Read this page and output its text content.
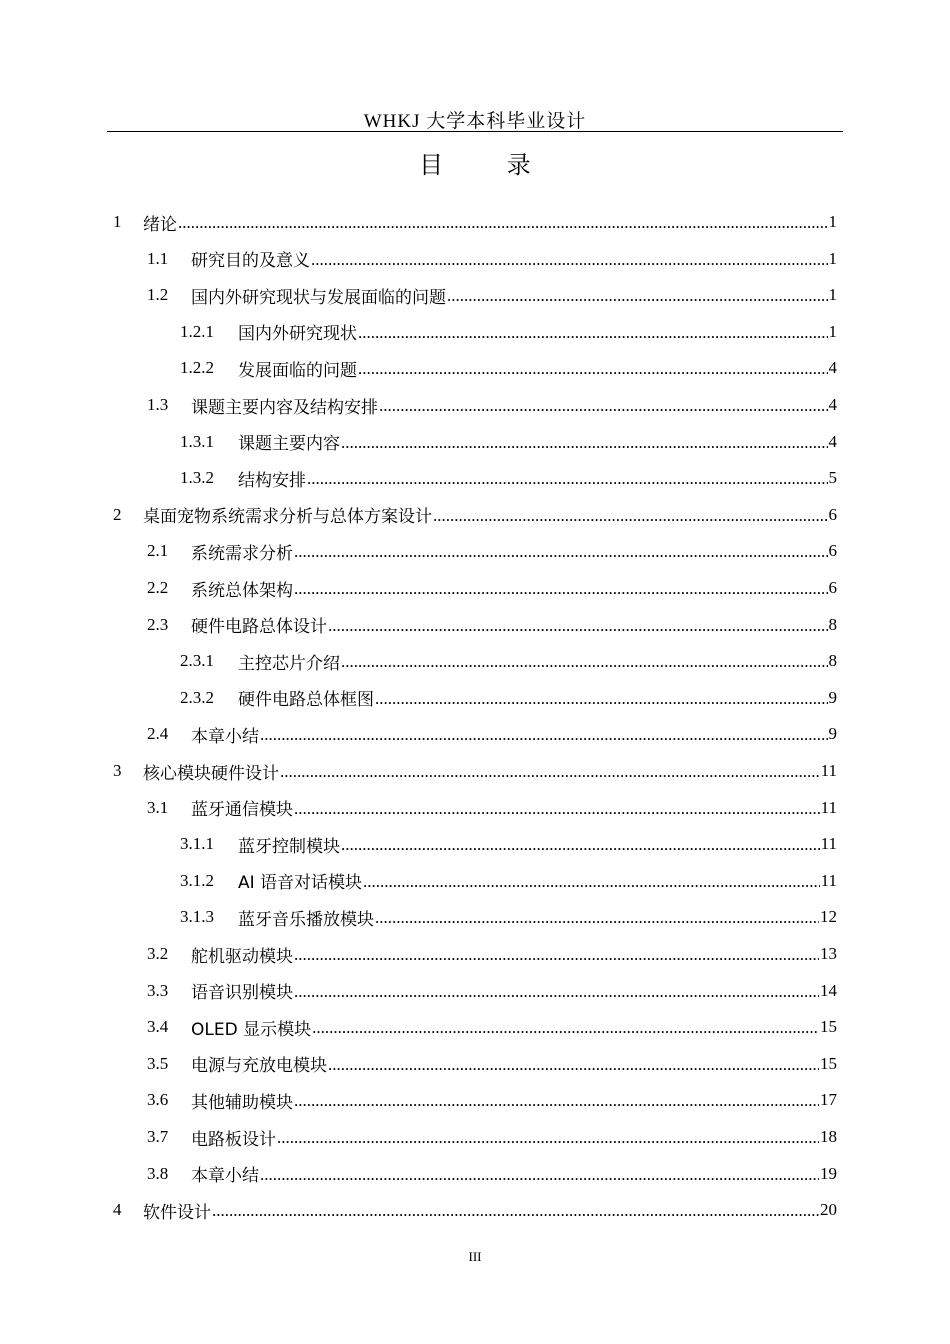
WHKJ 大学本科毕业设计
目 录
1	绪论 .....	1
1.1	研究目的及意义 .....	1
1.2	国内外研究现状与发展面临的问题 .....	1
1.2.1	国内外研究现状 .....	1
1.2.2	发展面临的问题 .....	4
1.3	课题主要内容及结构安排 .....	4
1.3.1	课题主要内容 .....	4
1.3.2	结构安排 .....	5
2	桌面宠物系统需求分析与总体方案设计 .....	6
2.1	系统需求分析 .....	6
2.2	系统总体架构 .....	6
2.3	硬件电路总体设计 .....	8
2.3.1	主控芯片介绍 .....	8
2.3.2	硬件电路总体框图 .....	9
2.4	本章小结 .....	9
3	核心模块硬件设计 .....	11
3.1	蓝牙通信模块 .....	11
3.1.1	蓝牙控制模块 .....	11
3.1.2	AI 语音对话模块 .....	11
3.1.3	蓝牙音乐播放模块 .....	12
3.2	舵机驱动模块 .....	13
3.3	语音识别模块 .....	14
3.4	OLED 显示模块 .....	15
3.5	电源与充放电模块 .....	15
3.6	其他辅助模块 .....	17
3.7	电路板设计 .....	18
3.8	本章小结 .....	19
4	软件设计 .....	20
III
